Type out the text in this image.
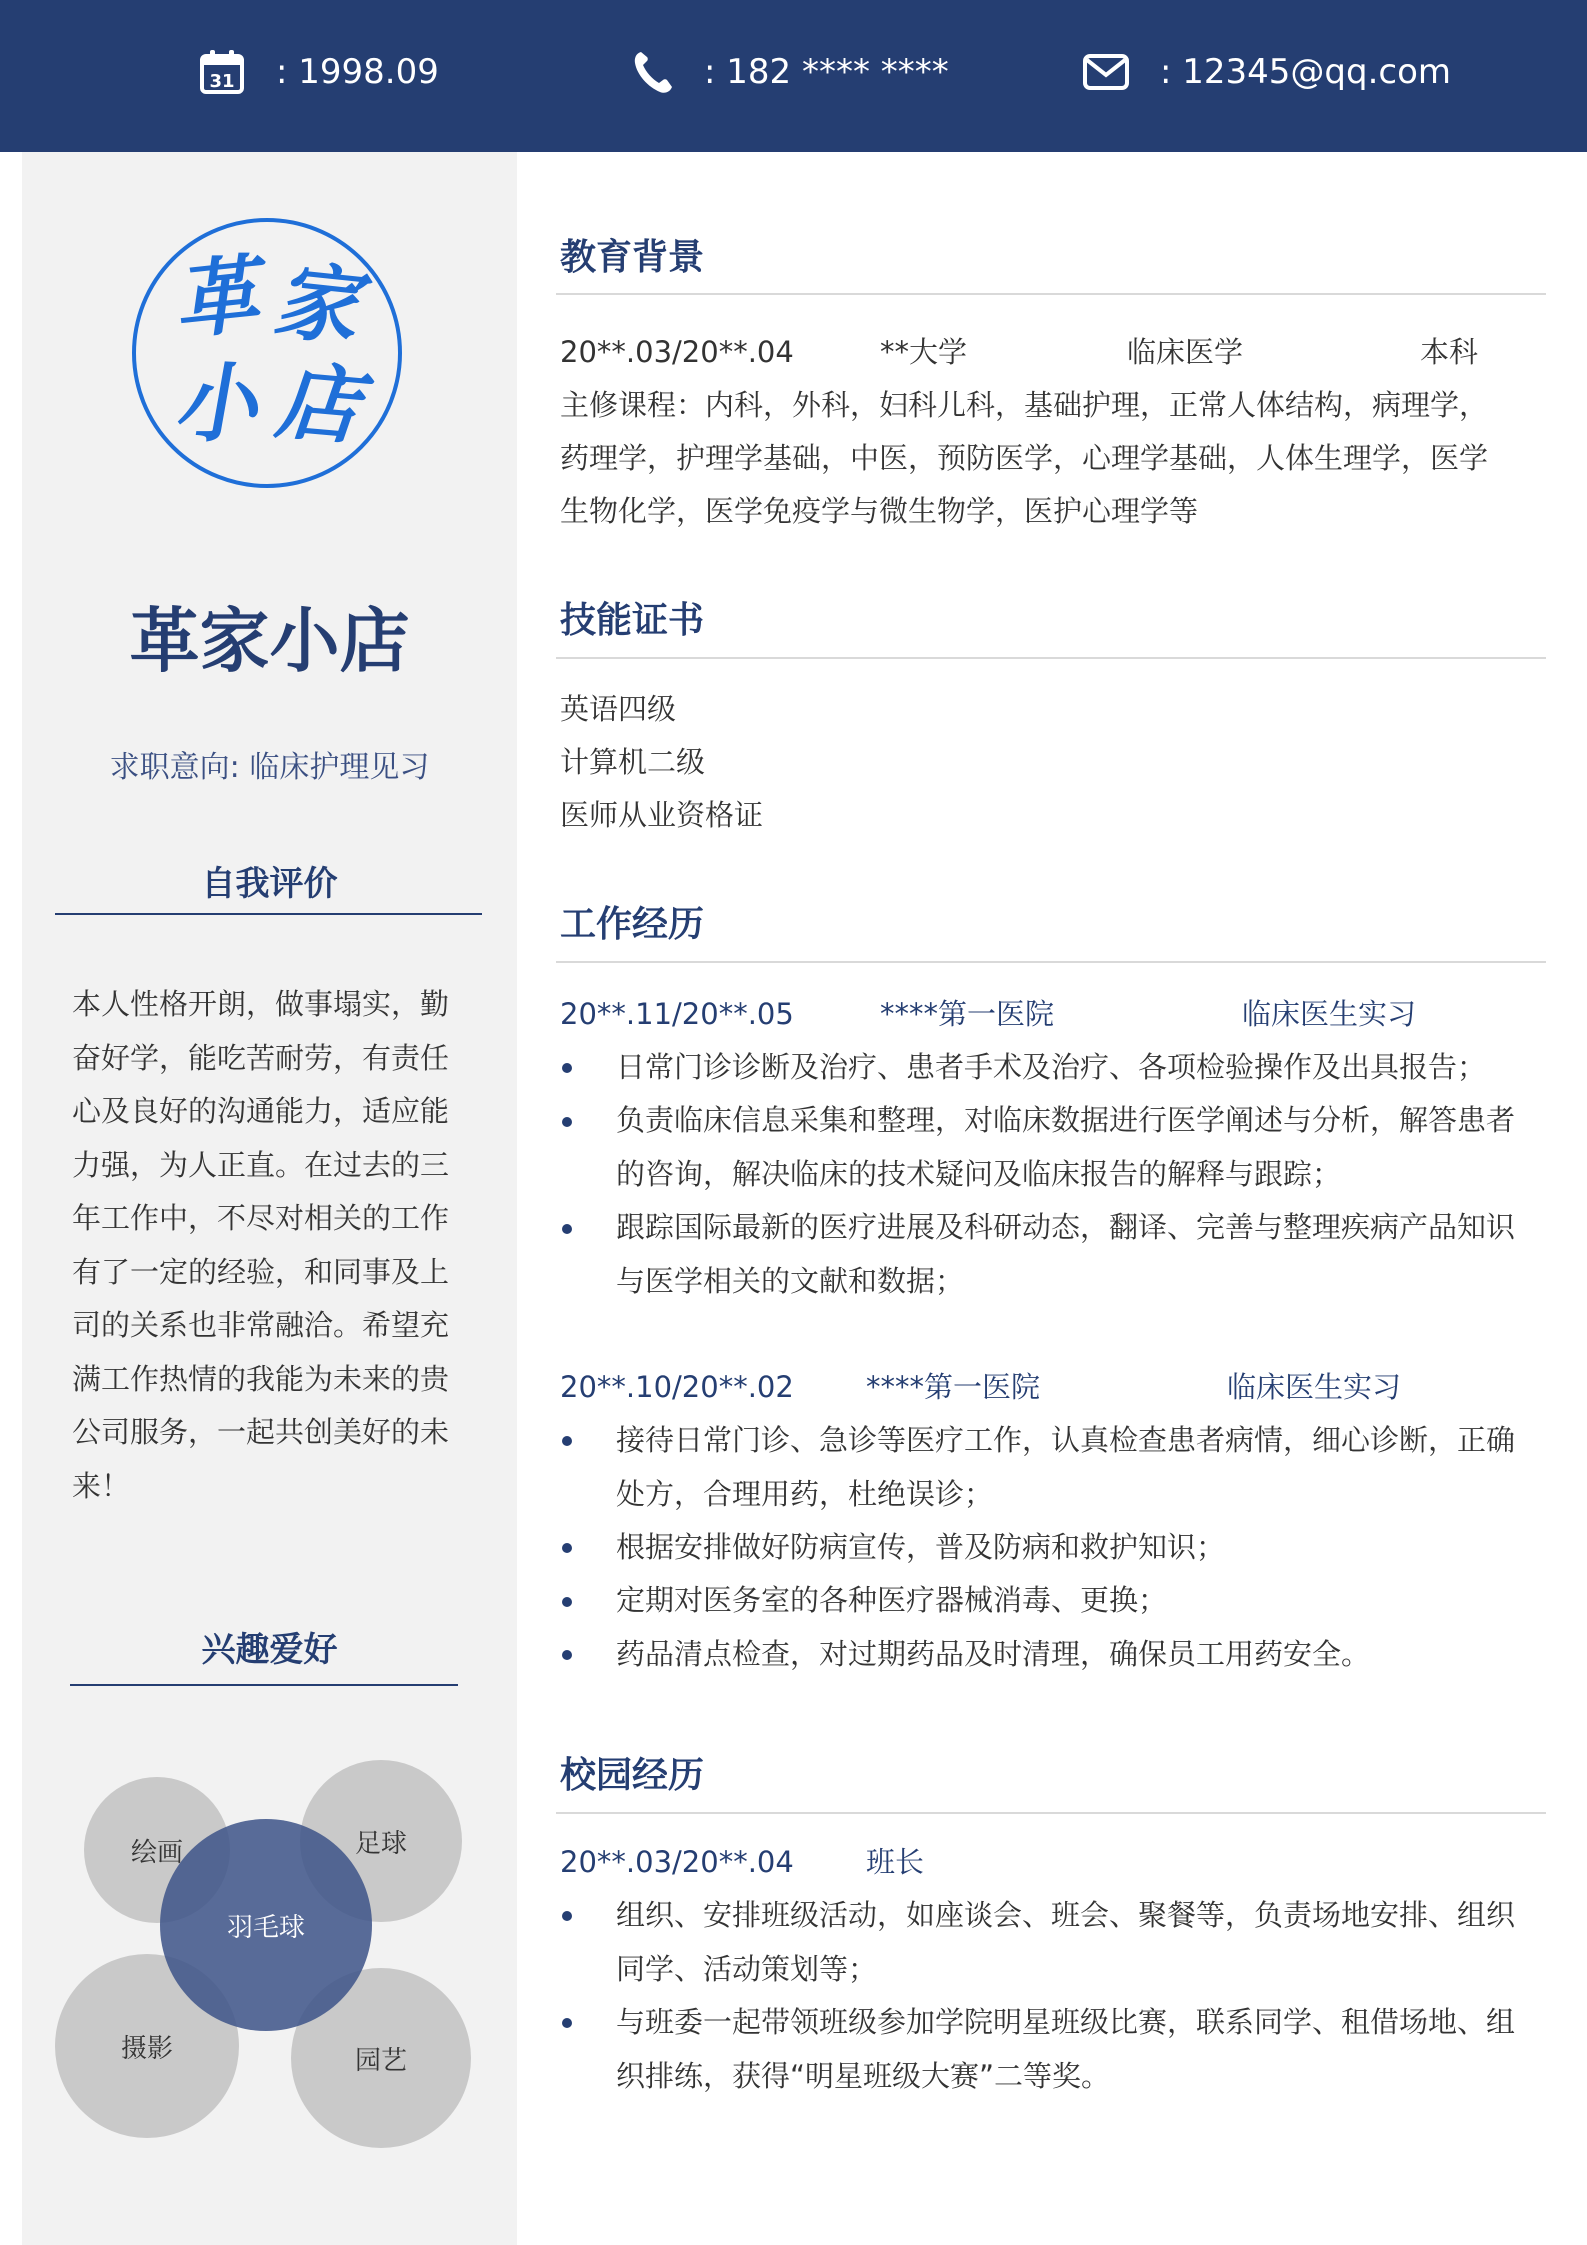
31 : 1998.09	: 182 **** ****	: 12345@qq.com
革 家
小 店
革家小店
求职意向: 临床护理见习
自我评价

本人性格开朗，做事塌实，勤奋好学，能吃苦耐劳，有责任心及良好的沟通能力，适应能力强，为人正直。在过去的三年工作中，不尽对相关的工作有了一定的经验，和同事及上司的关系也非常融洽。希望充满工作热情的我能为未来的贵公司服务，一起共创美好的未来！

兴趣爱好
绘画	足球
摄影	园艺
羽毛球
教育背景
20**.03/20**.04	**大学	临床医学	本科
主修课程：内科，外科，妇科儿科，基础护理，正常人体结构，病理学，
药理学，护理学基础，中医，预防医学，心理学基础，人体生理学，医学
生物化学，医学免疫学与微生物学，医护心理学等
技能证书
英语四级
计算机二级
医师从业资格证
工作经历
20**.11/20**.05	****第一医院	临床医生实习

日常门诊诊断及治疗、患者手术及治疗、各项检验操作及出具报告；

负责临床信息采集和整理，对临床数据进行医学阐述与分析，解答患者的咨询，解决临床的技术疑问及临床报告的解释与跟踪；

跟踪国际最新的医疗进展及科研动态，翻译、完善与整理疾病产品知识与医学相关的文献和数据；

20**.10/20**.02 ****第一医院	临床医生实习

接待日常门诊、急诊等医疗工作，认真检查患者病情，细心诊断，正确处方，合理用药，杜绝误诊；

根据安排做好防病宣传，普及防病和救护知识；

定期对医务室的各种医疗器械消毒、更换；

药品清点检查，对过期药品及时清理，确保员工用药安全。

校园经历
20**.03/20**.04 班长

组织、安排班级活动，如座谈会、班会、聚餐等，负责场地安排、组织同学、活动策划等；

与班委一起带领班级参加学院明星班级比赛，联系同学、租借场地、组织排练，获得“明星班级大赛”二等奖。
